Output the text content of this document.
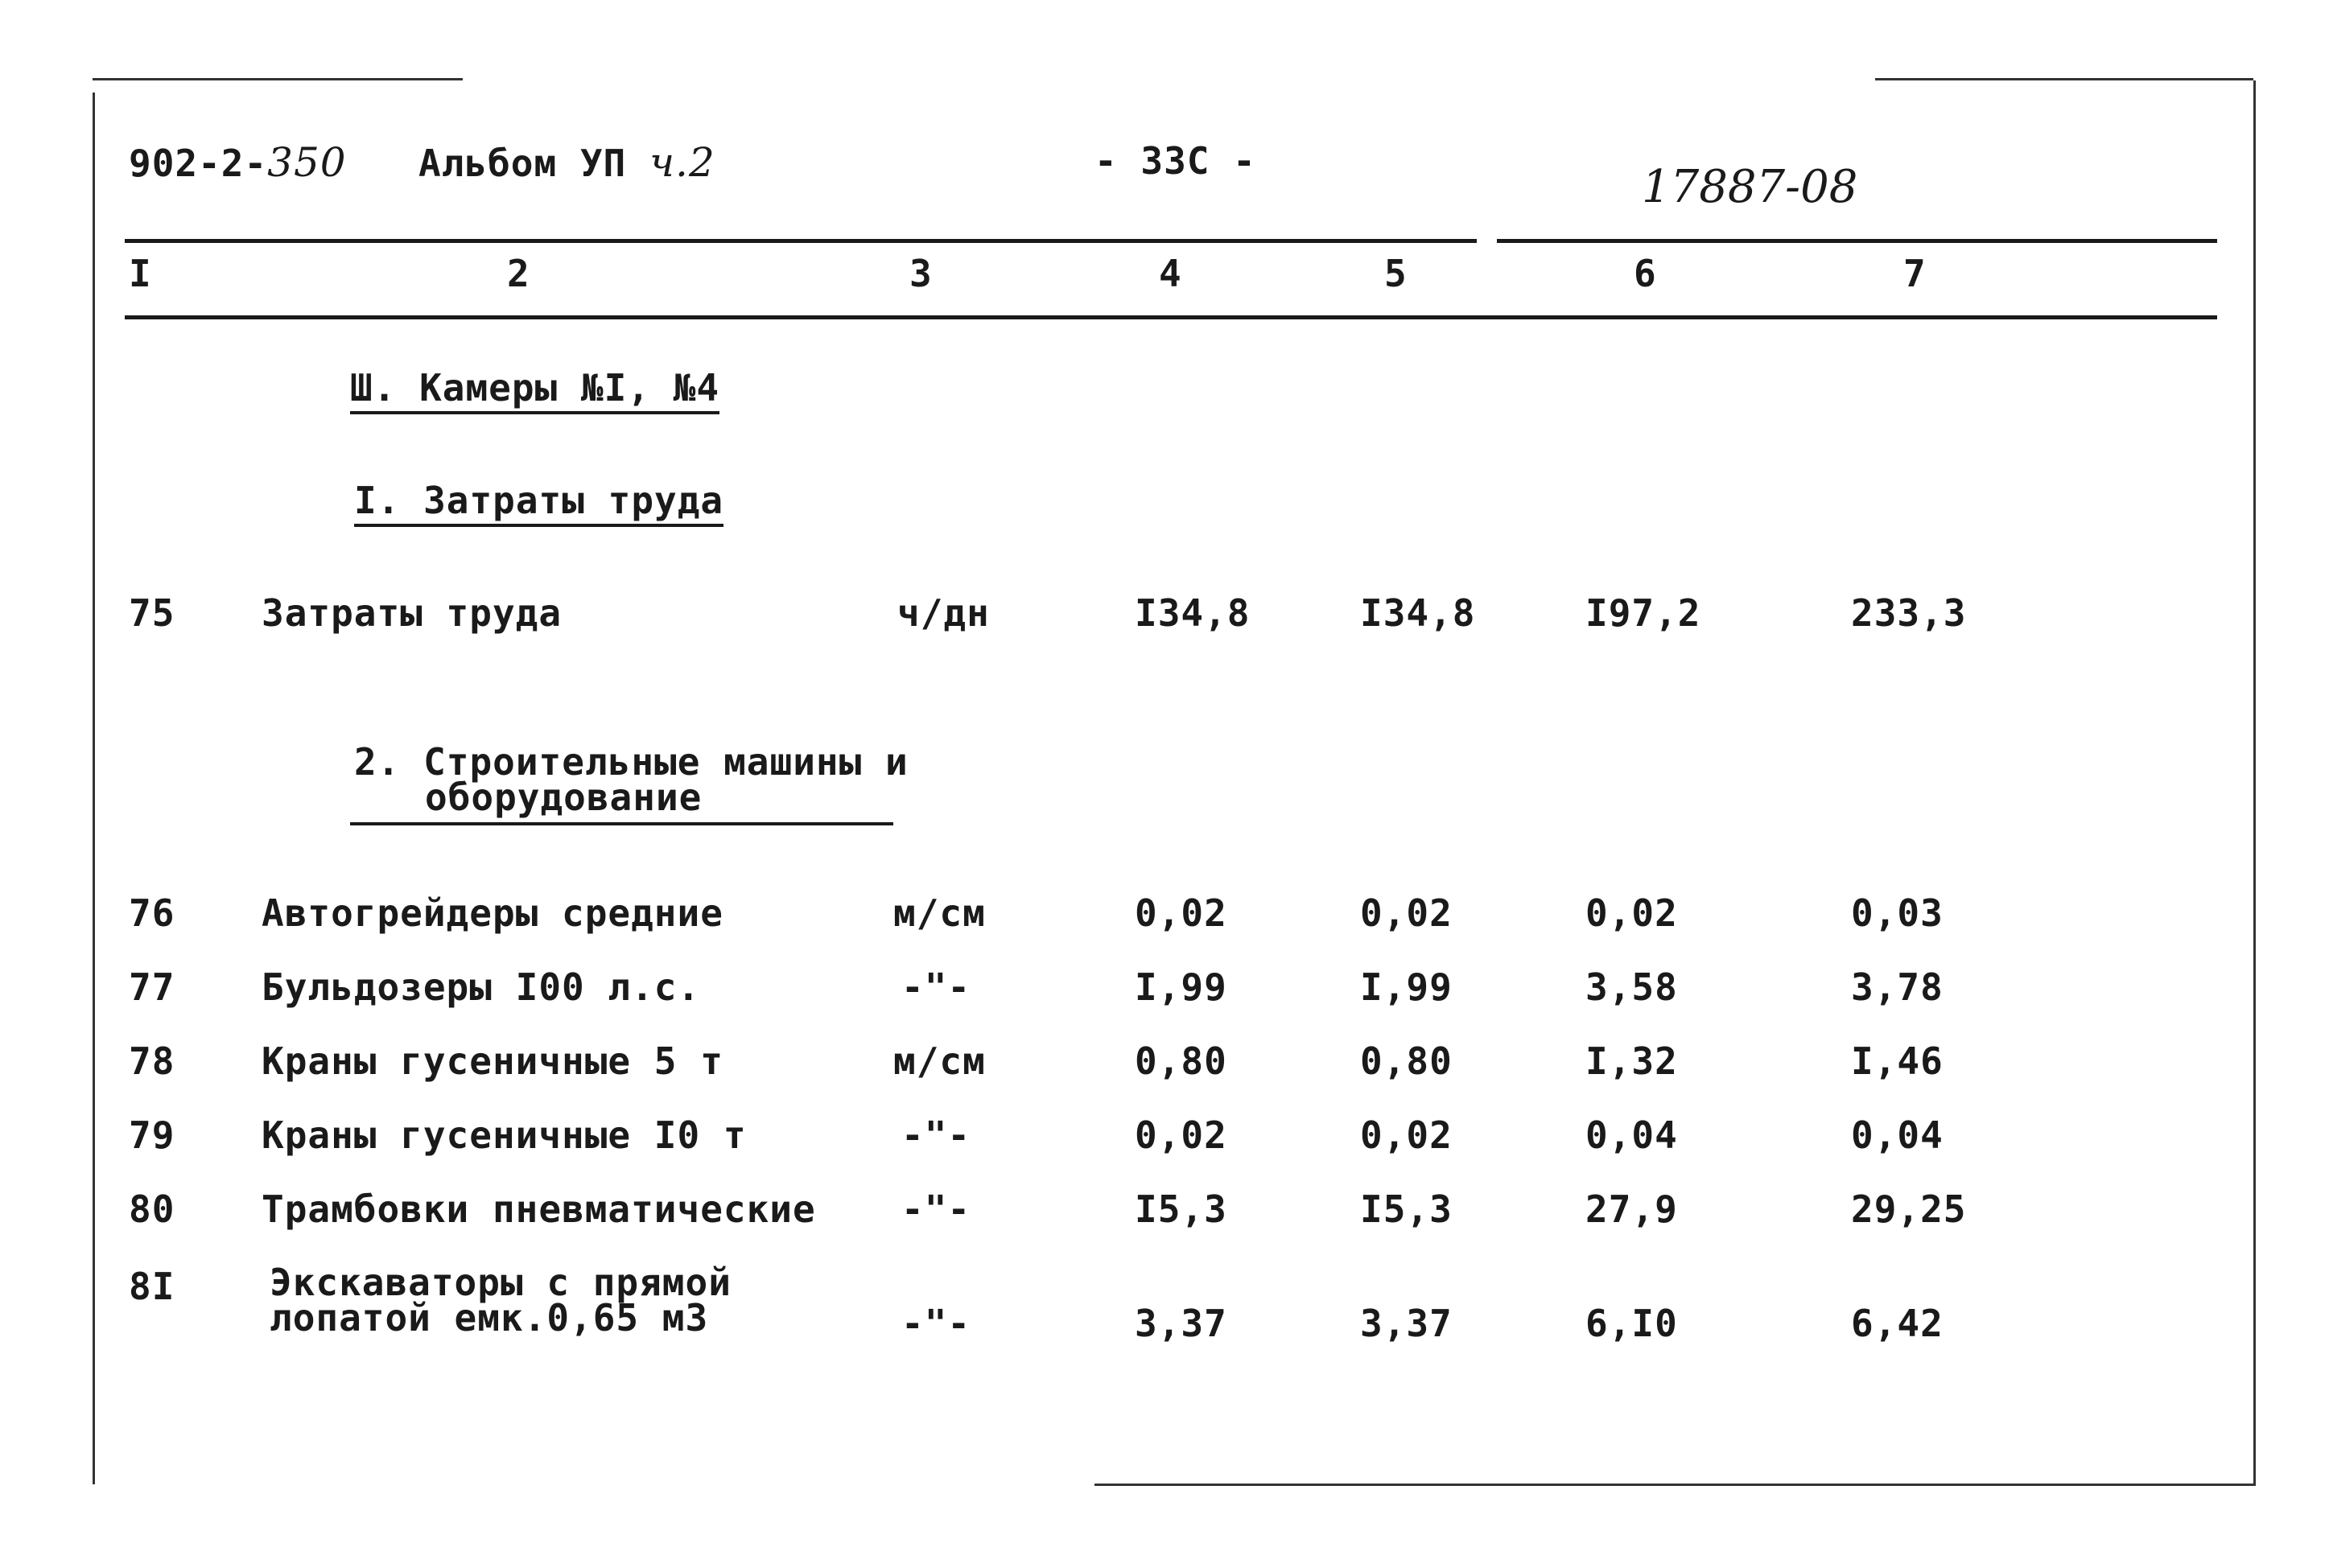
902-2-350 Альбом УП ч.2	- 33С -	17887-08
I	2	3	4	5	6	7
Ш. Камеры №I, №4
I. Затраты труда
75 Затраты труда	ч/дн	I34,8	I34,8	I97,2	233,3
2. Строительные машины и
оборудование
76 Автогрейдеры средние	м/см	0,02	0,02	0,02	0,03
77 Бульдозеры I00 л.с.	-"-	I,99	I,99	3,58	3,78
78 Краны гусеничные 5 т	м/см	0,80	0,80	I,32	I,46
79 Краны гусеничные I0 т	-"-	0,02	0,02	0,04	0,04
80 Трамбовки пневматические -"-	I5,3	I5,3	27,9	29,25
8I	Экскаваторы с прямой
лопатой емк.0,65 м3	-"-	3,37	3,37	6,I0	6,42
